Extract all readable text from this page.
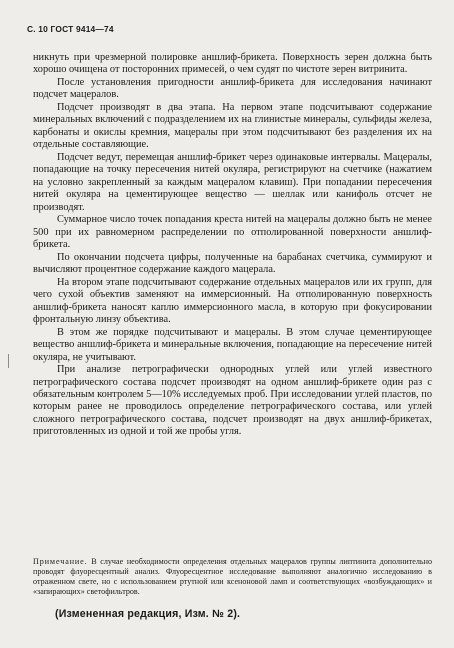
С. 10 ГОСТ 9414—74

никнуть при чрезмерной полировке аншлиф-брикета. Поверхность зерен должна быть хорошо очищена от посторонних примесей, о чем судят по чистоте зерен витринита.

После установления пригодности аншлиф-брикета для исследования начинают подсчет мацералов.

Подсчет производят в два этапа. На первом этапе подсчитывают содержание минеральных включений с подразделением их на глинистые минералы, сульфиды железа, карбонаты и окислы кремния, мацералы при этом подсчитывают без разделения их на отдельные составляющие.

Подсчет ведут, перемещая аншлиф-брикет через одинаковые интервалы. Мацералы, попадающие на точку пересечения нитей окуляра, регистрируют на счетчике (нажатием на условно закрепленный за каждым мацералом клавиш). При попадании пересечения нитей окуляра на цементирующее вещество — шеллак или канифоль отсчет не производят.

Суммарное число точек попадания креста нитей на мацералы должно быть не менее 500 при их равномерном распределении по отполированной поверхности аншлиф-брикета.

По окончании подсчета цифры, полученные на барабанах счетчика, суммируют и вычисляют процентное содержание каждого мацерала.

На втором этапе подсчитывают содержание отдельных мацералов или их групп, для чего сухой объектив заменяют на иммерсионный. На отполированную поверхность аншлиф-брикета наносят каплю иммерсионного масла, в которую при фокусировании фронтальную линзу объектива.

В этом же порядке подсчитывают и мацералы. В этом случае цементирующее вещество аншлиф-брикета и минеральные включения, попадающие на пересечение нитей окуляра, не учитывают.

При анализе петрографически однородных углей или углей известного петрографического состава подсчет производят на одном аншлиф-брикете один раз с обязательным контролем 5—10% исследуемых проб. При исследовании углей пластов, по которым ранее не проводилось определение петрографического состава, или углей сложного петрографического состава, подсчет производят на двух аншлиф-брикетах, приготовленных из одной и той же пробы угля.

Примечание. В случае необходимости определения отдельных мацералов группы липтинита дополнительно проводят флуоресцентный анализ. Флуоресцентное исследование выполняют аналогично исследованию в отраженном свете, но с использованием ртутной или ксеноновой ламп и соответствующих «возбуждающих» и «запирающих» светофильтров.
(Измененная редакция, Изм. № 2).
